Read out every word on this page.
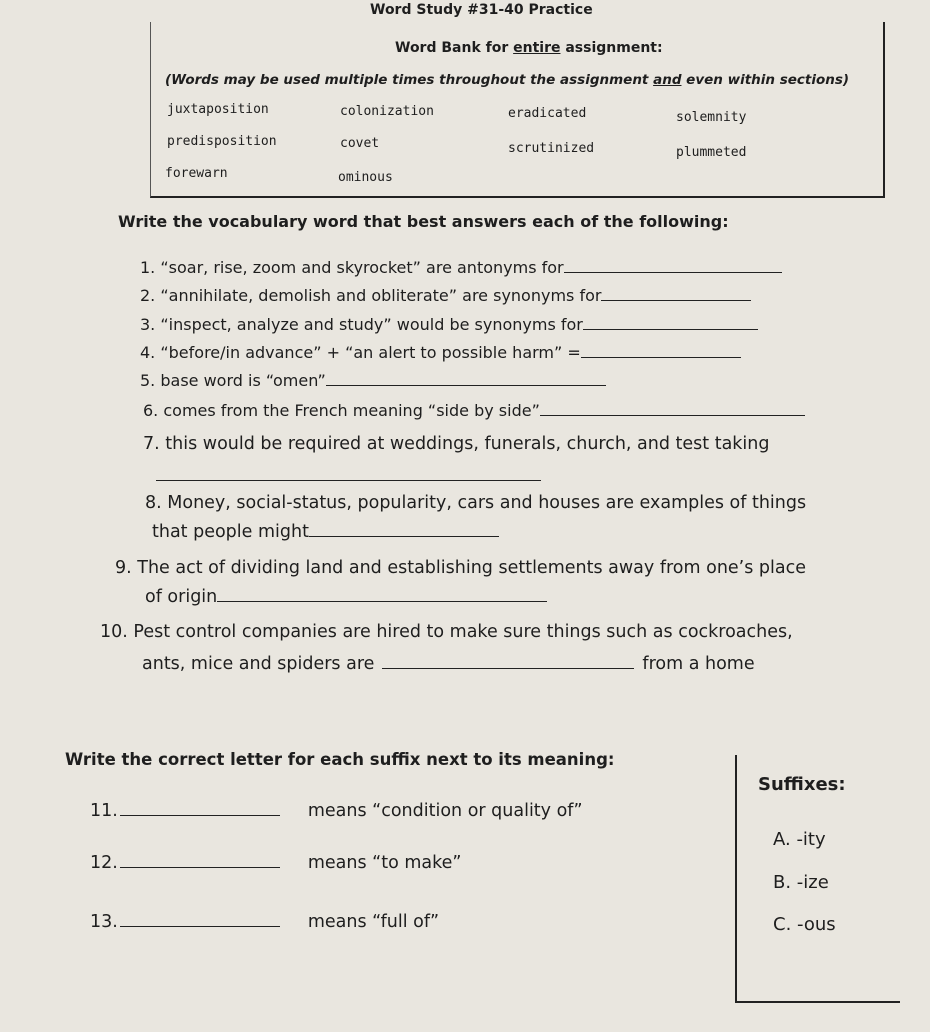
Word Study #31-40 Practice
Word Bank for entire assignment:
(Words may be used multiple times throughout the assignment and even within sections)
juxtaposition	colonization	eradicated	solemnity
predisposition	covet	scrutinized	plummeted
forewarn	ominous
Write the vocabulary word that best answers each of the following:
1. “soar, rise, zoom and skyrocket” are antonyms for
2. “annihilate, demolish and obliterate” are synonyms for
3. “inspect, analyze and study” would be synonyms for
4. “before/in advance” + “an alert to possible harm” =
5. base word is “omen”
6. comes from the French meaning “side by side”
7. this would be required at weddings, funerals, church, and test taking
8. Money, social-status, popularity, cars and houses are examples of things
that people might
9. The act of dividing land and establishing settlements away from one’s place
of origin
10. Pest control companies are hired to make sure things such as cockroaches,
ants, mice and spiders are	from a home
Write the correct letter for each suffix next to its meaning:
Suffixes:
A. -ity
B. -ize
C. -ous
11.	means “condition or quality of”
12.	means “to make”
13.	means “full of”
